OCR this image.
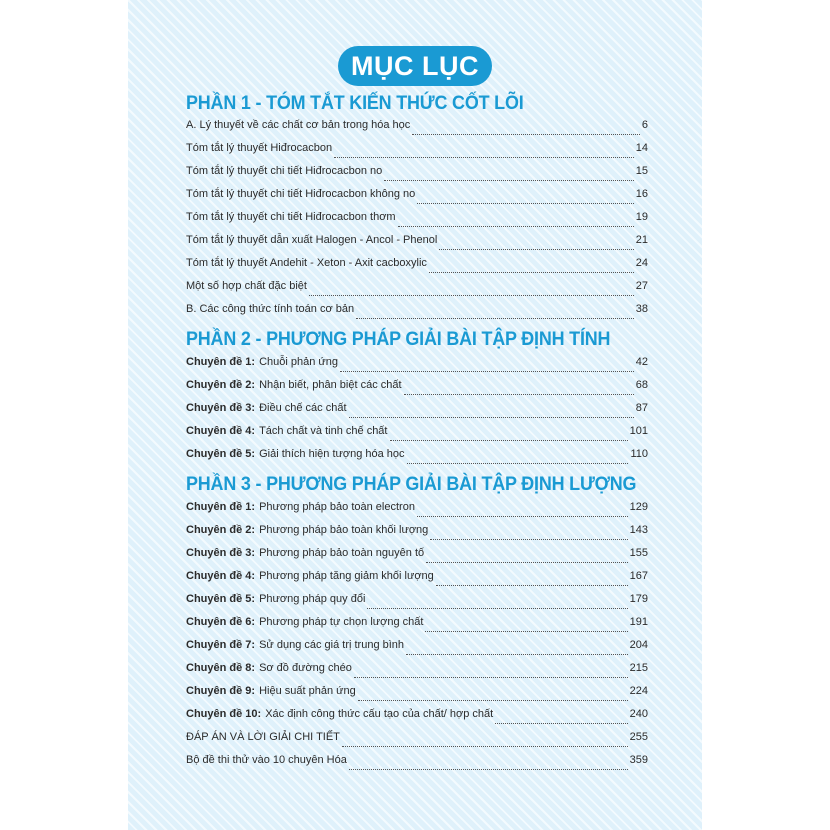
MỤC LỤC
PHẦN 1 - TÓM TẮT KIẾN THỨC CỐT LÕI
A. Lý thuyết về các chất cơ bản trong hóa học	6
Tóm tắt lý thuyết Hiđrocacbon	14
Tóm tắt lý thuyết chi tiết Hiđrocacbon no	15
Tóm tắt lý thuyết chi tiết Hiđrocacbon không no	16
Tóm tắt lý thuyết chi tiết Hiđrocacbon thơm	19
Tóm tắt lý thuyết dẫn xuất Halogen - Ancol - Phenol	21
Tóm tắt lý thuyết Andehit - Xeton - Axit cacboxylic	24
Một số hợp chất đặc biệt	27
B. Các công thức tính toán cơ bản	38
PHẦN 2 - PHƯƠNG PHÁP GIẢI BÀI TẬP ĐỊNH TÍNH
Chuyên đề 1: Chuỗi phản ứng	42
Chuyên đề 2: Nhận biết, phân biệt các chất	68
Chuyên đề 3: Điều chế các chất	87
Chuyên đề 4: Tách chất và tinh chế chất	101
Chuyên đề 5: Giải thích hiện tượng hóa học	110
PHẦN 3 - PHƯƠNG PHÁP GIẢI BÀI TẬP ĐỊNH LƯỢNG
Chuyên đề 1: Phương pháp bảo toàn electron	129
Chuyên đề 2: Phương pháp bảo toàn khối lượng	143
Chuyên đề 3: Phương pháp bảo toàn nguyên tố	155
Chuyên đề 4: Phương pháp tăng giảm khối lượng	167
Chuyên đề 5: Phương pháp quy đổi	179
Chuyên đề 6: Phương pháp tự chọn lượng chất	191
Chuyên đề 7: Sử dụng các giá trị trung bình	204
Chuyên đề 8: Sơ đồ đường chéo	215
Chuyên đề 9: Hiệu suất phản ứng	224
Chuyên đề 10: Xác định công thức cấu tạo của chất/ hợp chất	240
ĐÁP ÁN VÀ LỜI GIẢI CHI TIẾT	255
Bộ đề thi thử vào 10 chuyên Hóa	359
